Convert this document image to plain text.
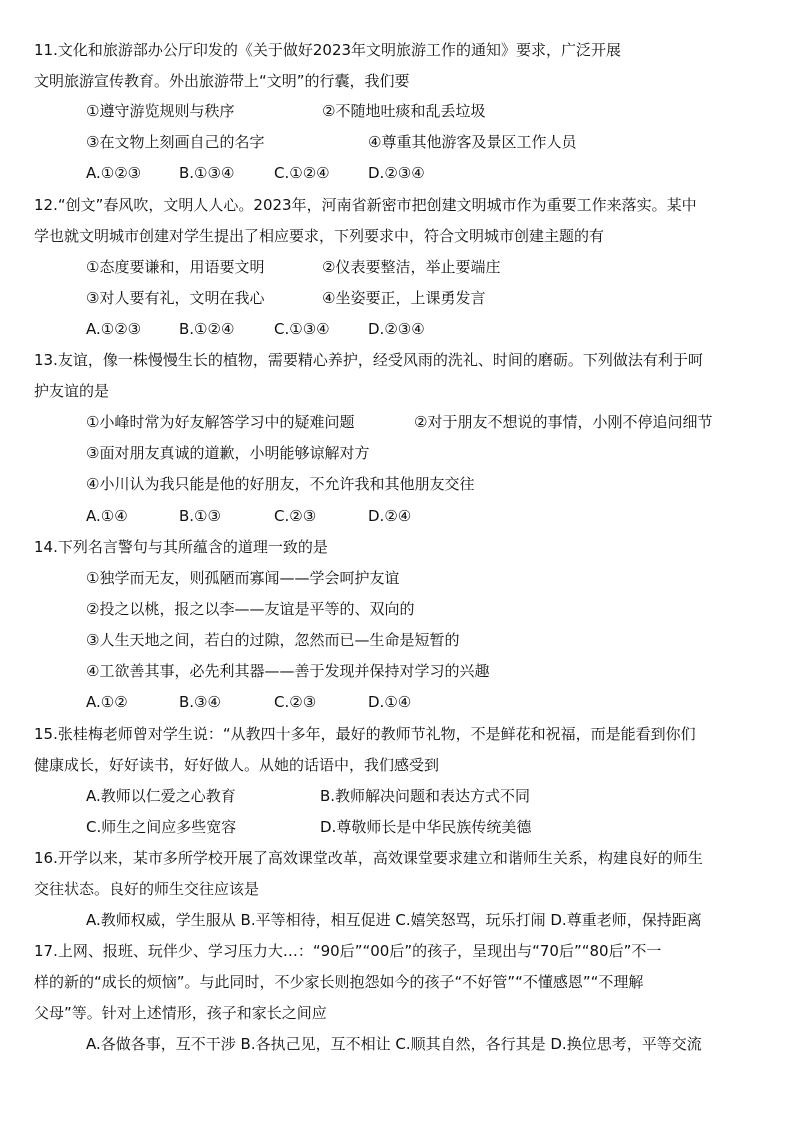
11.文化和旅游部办公厅印发的《关于做好2023年文明旅游工作的通知》要求，广泛开展
文明旅游宣传教育。外出旅游带上“文明”的行囊，我们要
①遵守游览规则与秩序	②不随地吐痰和乱丢垃圾
③在文物上刻画自己的名字	④尊重其他游客及景区工作人员
A.①②③	B.①③④	C.①②④	D.②③④
12.“创文”春风吹，文明人人心。2023年，河南省新密市把创建文明城市作为重要工作来落实。某中
学也就文明城市创建对学生提出了相应要求，下列要求中，符合文明城市创建主题的有
①态度要谦和，用语要文明	②仪表要整洁，举止要端庄
③对人要有礼，文明在我心	④坐姿要正，上课勇发言
A.①②③	B.①②④	C.①③④	D.②③④
13.友谊，像一株慢慢生长的植物，需要精心养护，经受风雨的洗礼、时间的磨砺。下列做法有利于呵
护友谊的是
①小峰时常为好友解答学习中的疑难问题	②对于朋友不想说的事情，小刚不停追问细节
③面对朋友真诚的道歉，小明能够谅解对方
④小川认为我只能是他的好朋友，不允许我和其他朋友交往
A.①④	B.①③	C.②③	D.②④
14.下列名言警句与其所蕴含的道理一致的是
①独学而无友，则孤陋而寡闻——学会呵护友谊
②投之以桃，报之以李——友谊是平等的、双向的
③人生天地之间，若白的过隙，忽然而已—生命是短暂的
④工欲善其事，必先利其器——善于发现并保持对学习的兴趣
A.①②	B.③④	C.②③	D.①④
15.张桂梅老师曾对学生说：“从教四十多年，最好的教师节礼物，不是鲜花和祝福，而是能看到你们
健康成长，好好读书，好好做人。从她的话语中，我们感受到
A.教师以仁爱之心教育	B.教师解决问题和表达方式不同
C.师生之间应多些宽容	D.尊敬师长是中华民族传统美德
16.开学以来，某市多所学校开展了高效课堂改革，高效课堂要求建立和谐师生关系，构建良好的师生
交往状态。良好的师生交往应该是
A.教师权威，学生服从 B.平等相待，相互促进 C.嬉笑怒骂，玩乐打闹 D.尊重老师，保持距离
17.上网、报班、玩伴少、学习压力大…：“90后”“00后”的孩子，呈现出与“70后”“80后”不一
样的新的“成长的烦恼”。与此同时，不少家长则抱怨如今的孩子“不好管”“不懂感恩”“不理解
父母”等。针对上述情形，孩子和家长之间应
A.各做各事，互不干涉 B.各执己见，互不相让 C.顺其自然，各行其是 D.换位思考，平等交流
